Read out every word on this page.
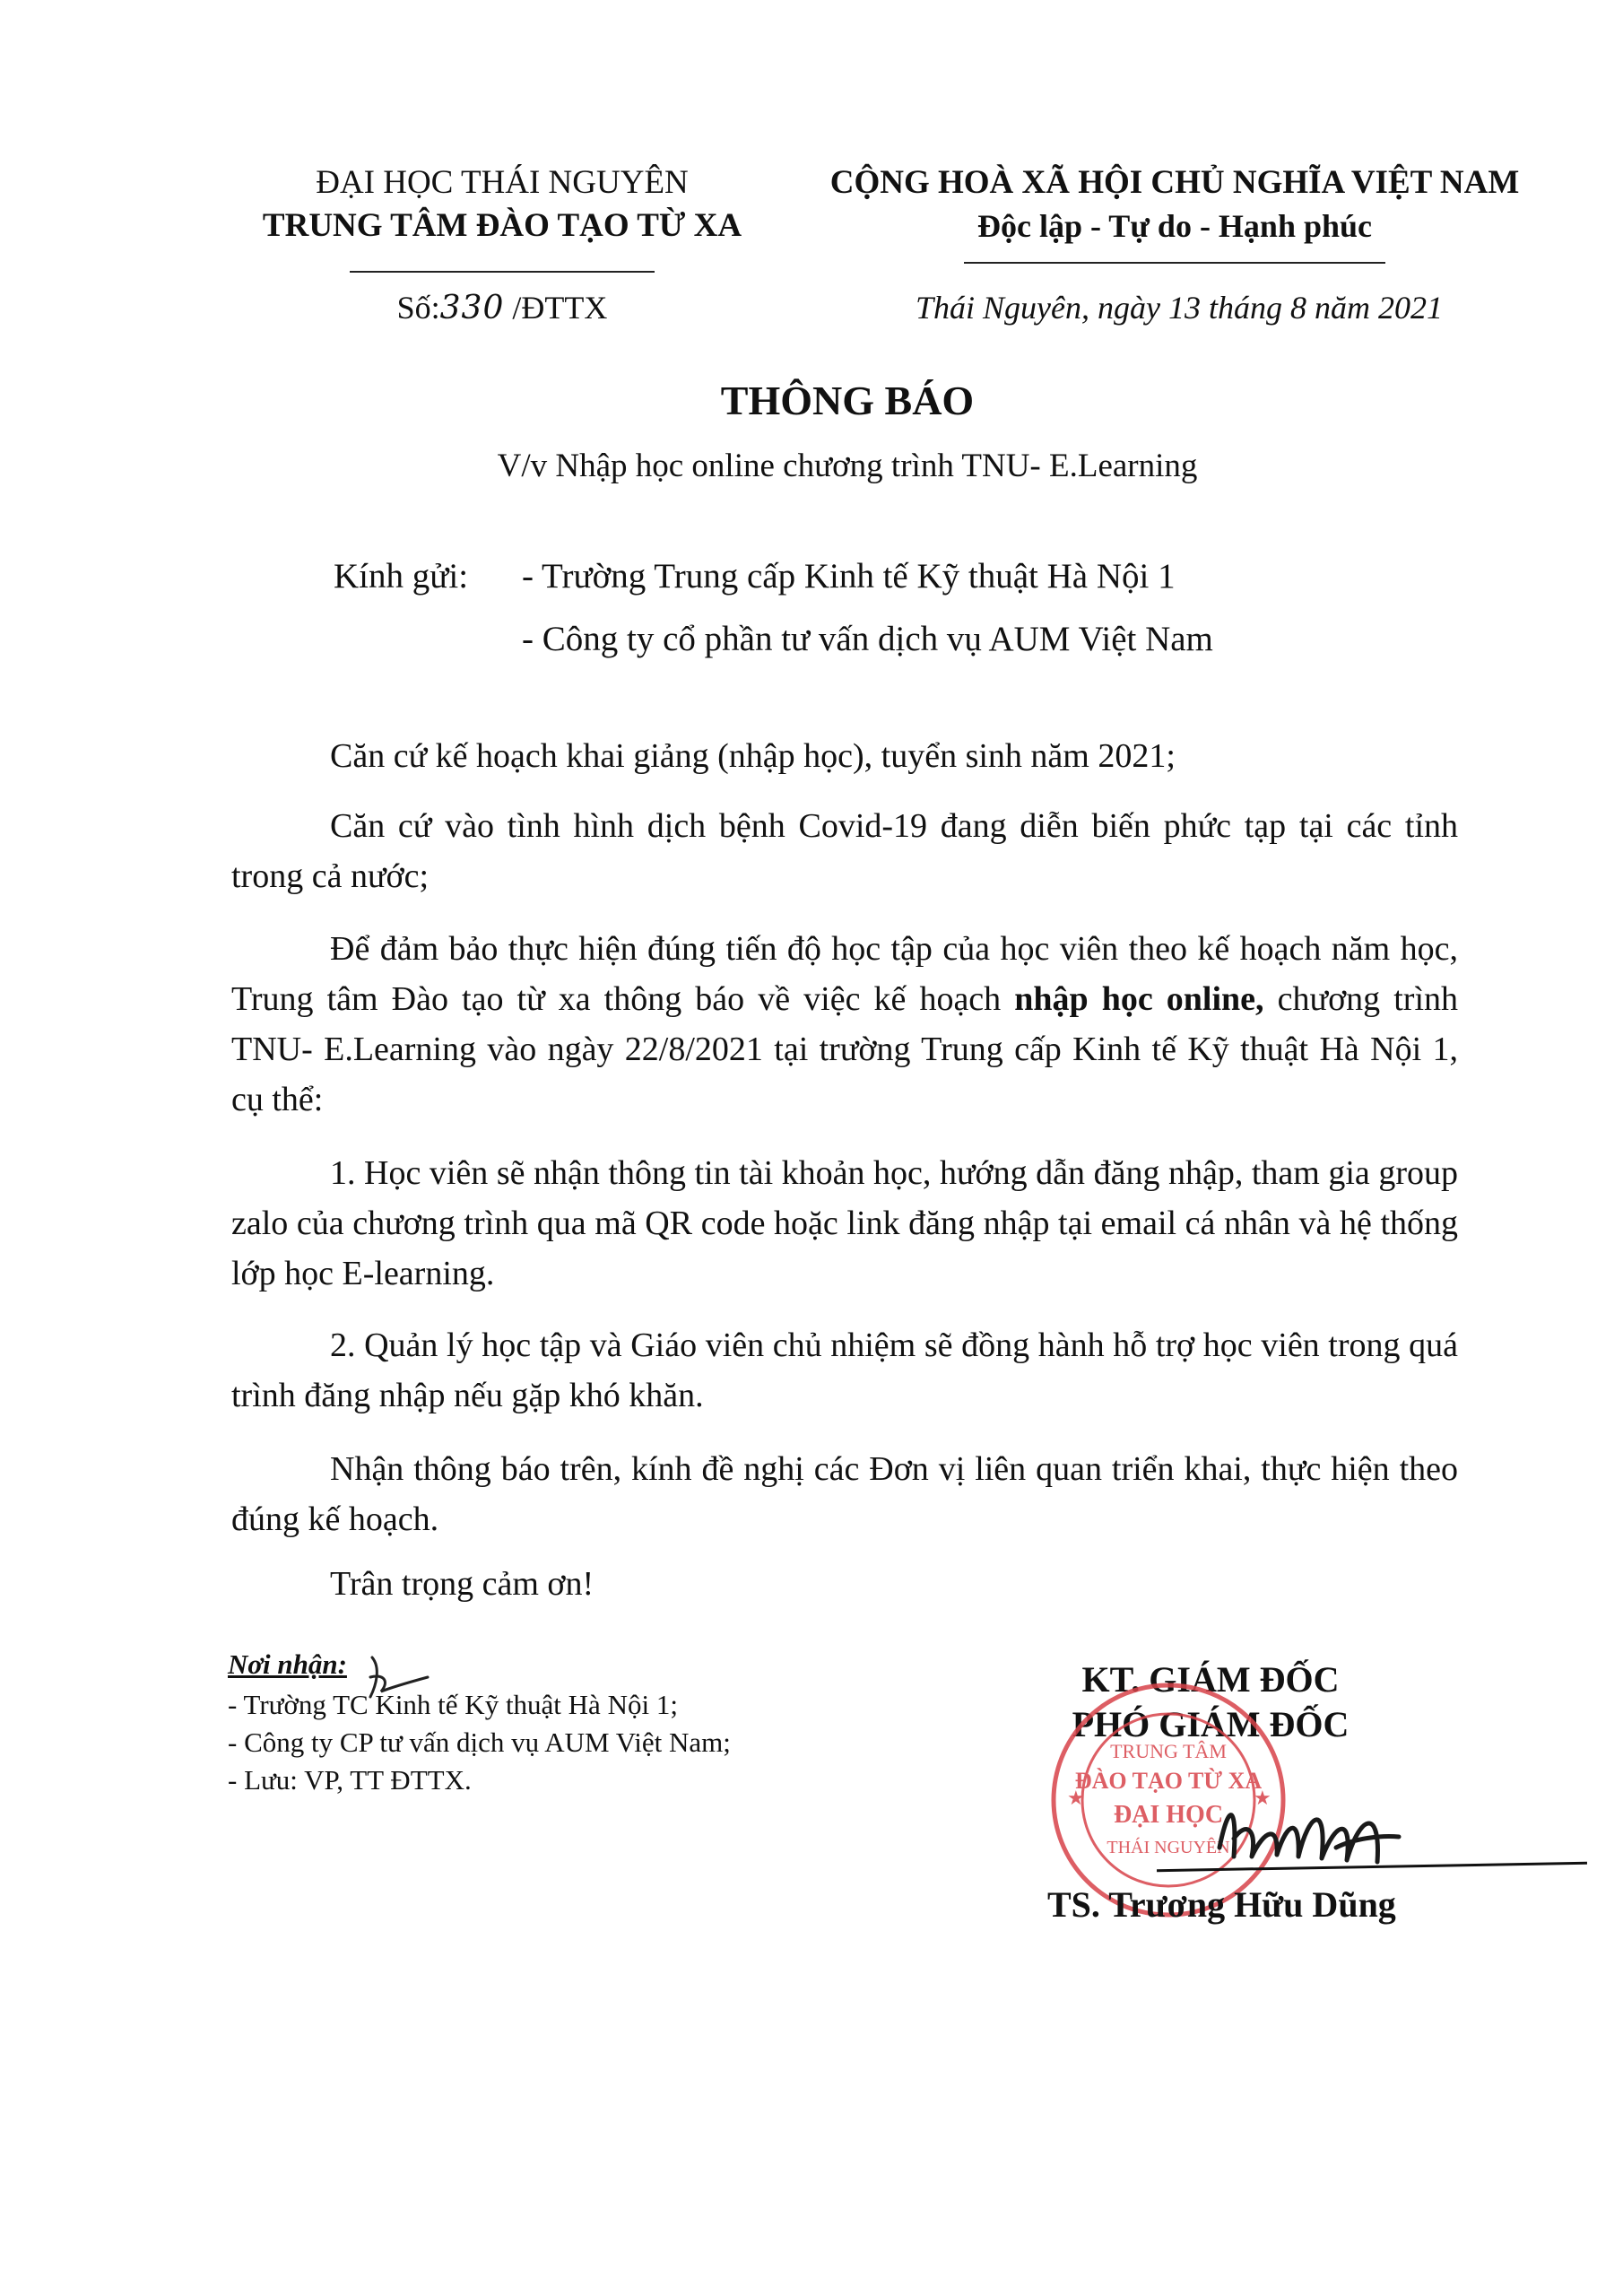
ĐẠI HỌC THÁI NGUYÊN
TRUNG TÂM ĐÀO TẠO TỪ XA
CỘNG HOÀ XÃ HỘI CHỦ NGHĨA VIỆT NAM
Độc lập - Tự do - Hạnh phúc
Số:330 /ĐTTX	Thái Nguyên, ngày 13 tháng 8 năm 2021
THÔNG BÁO
V/v Nhập học online chương trình TNU- E.Learning
Kính gửi: - Trường Trung cấp Kinh tế Kỹ thuật Hà Nội 1
- Công ty cổ phần tư vấn dịch vụ AUM Việt Nam

Căn cứ kế hoạch khai giảng (nhập học), tuyển sinh năm 2021;

Căn cứ vào tình hình dịch bệnh Covid-19 đang diễn biến phức tạp tại các tỉnh trong cả nước;

Để đảm bảo thực hiện đúng tiến độ học tập của học viên theo kế hoạch năm học, Trung tâm Đào tạo từ xa thông báo về việc kế hoạch nhập học online, chương trình TNU- E.Learning vào ngày 22/8/2021 tại trường Trung cấp Kinh tế Kỹ thuật Hà Nội 1, cụ thể:

1. Học viên sẽ nhận thông tin tài khoản học, hướng dẫn đăng nhập, tham gia group zalo của chương trình qua mã QR code hoặc link đăng nhập tại email cá nhân và hệ thống lớp học E-learning.

2. Quản lý học tập và Giáo viên chủ nhiệm sẽ đồng hành hỗ trợ học viên trong quá trình đăng nhập nếu gặp khó khăn.

Nhận thông báo trên, kính đề nghị các Đơn vị liên quan triển khai, thực hiện theo đúng kế hoạch.

Trân trọng cảm ơn!

Nơi nhận:
- Trường TC Kinh tế Kỹ thuật Hà Nội 1;
- Công ty CP tư vấn dịch vụ AUM Việt Nam;
- Lưu: VP, TT ĐTTX.
KT. GIÁM ĐỐC
PHÓ GIÁM ĐỐC
★	★
TRUNG TÂM
ĐÀO TẠO TỪ XA
ĐẠI HỌC
THÁI NGUYÊN
TS. Trương Hữu Dũng
